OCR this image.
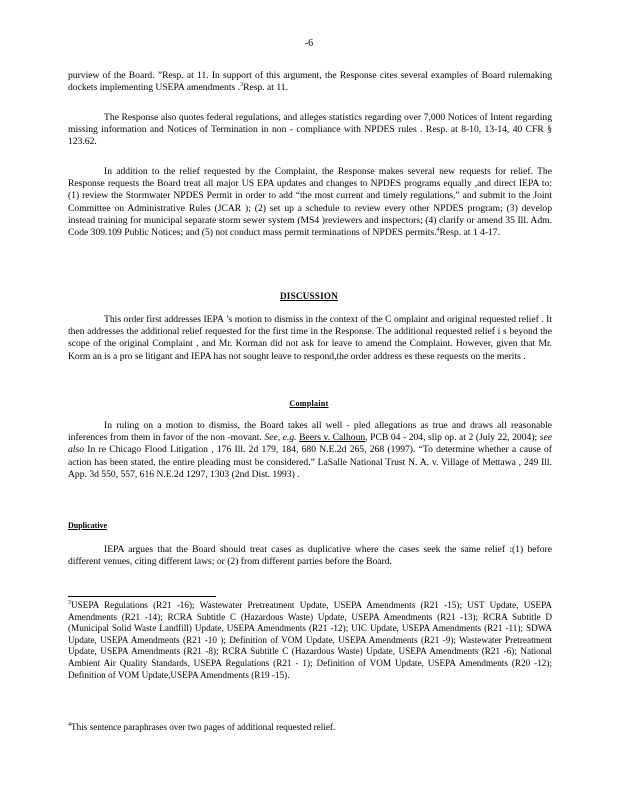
-6

purview of the Board. ”Resp. at 11. In support of this argument, the Response cites several examples of Board rulemaking dockets implementing USEPA amendments .$^3$Resp. at 11.

The Response also quotes federal regulations, and alleges statistics regarding over 7,000 Notices of Intent regarding missing information and Notices of Termination in non - compliance with NPDES rules . Resp. at 8-10, 13-14, 40 CFR § 123.62.

In addition to the relief requested by the Complaint, the Response makes several new requests for relief. The Response requests the Board treat all major US EPA updates and changes to NPDES programs equally ,and direct IEPA to: (1) review the Stormwater NPDES Permit in order to add “the most current and timely regulations,” and submit to the Joint Committee on Administrative Rules (JCAR ); (2) set up a schedule to review every other NPDES program; (3) develop instead training for municipal separate storm sewer system (MS4 )reviewers and inspectors; (4) clarify or amend 35 Ill. Adm. Code 309.109 Public Notices; and (5) not conduct mass permit terminations of NPDES permits.$^4$Resp. at 1 4-17.

DISCUSSION

This order first addresses IEPA ’s motion to dismiss in the context of the C omplaint and original requested relief . It then addresses the additional relief requested for the first time in the Response. The additional requested relief i s beyond the scope of the original Complaint , and Mr. Korman did not ask for leave to amend the Complaint. However, given that Mr. Korm an is a pro se litigant and IEPA has not sought leave to respond,the order address es these requests on the merits .

Complaint

In ruling on a motion to dismiss, the Board takes all well - pled allegations as true and draws all reasonable inferences from them in favor of the non -movant. See, e.g. Beers v. Calhoun, PCB 04 - 204, slip op. at 2 (July 22, 2004); see also In re Chicago Flood Litigation , 176 Ill. 2d 179, 184, 680 N.E.2d 265, 268 (1997). “To determine whether a cause of action has been stated, the entire pleading must be considered.” LaSalle National Trust N. A. v. Village of Mettawa , 249 Ill. App. 3d 550, 557, 616 N.E.2d 1297, 1303 (2nd Dist. 1993) .

Duplicative

IEPA argues that the Board should treat cases as duplicative where the cases seek the same relief :(1) before different venues, citing different laws; or (2) from different parties before the Board.

$^3$USEPA Regulations (R21 -16); Wastewater Pretreatment Update, USEPA Amendments (R21 -15); UST Update, USEPA Amendments (R21 -14); RCRA Subtitle C (Hazardous Waste) Update, USEPA Amendments (R21 -13); RCRA Subtitle D (Municipal Solid Waste Landfill) Update, USEPA Amendments (R21 -12); UIC Update, USEPA Amendments (R21 -11); SDWA Update, USEPA Amendments (R21 -10 ); Definition of VOM Update, USEPA Amendments (R21 -9); Wastewater Pretreatment Update, USEPA Amendments (R21 -8); RCRA Subtitle C (Hazardous Waste) Update, USEPA Amendments (R21 -6); National Ambient Air Quality Standards, USEPA Regulations (R21 - 1); Definition of VOM Update, USEPA Amendments (R20 -12); Definition of VOM Update,USEPA Amendments (R19 -15).

$^4$This sentence paraphrases over two pages of additional requested relief.
